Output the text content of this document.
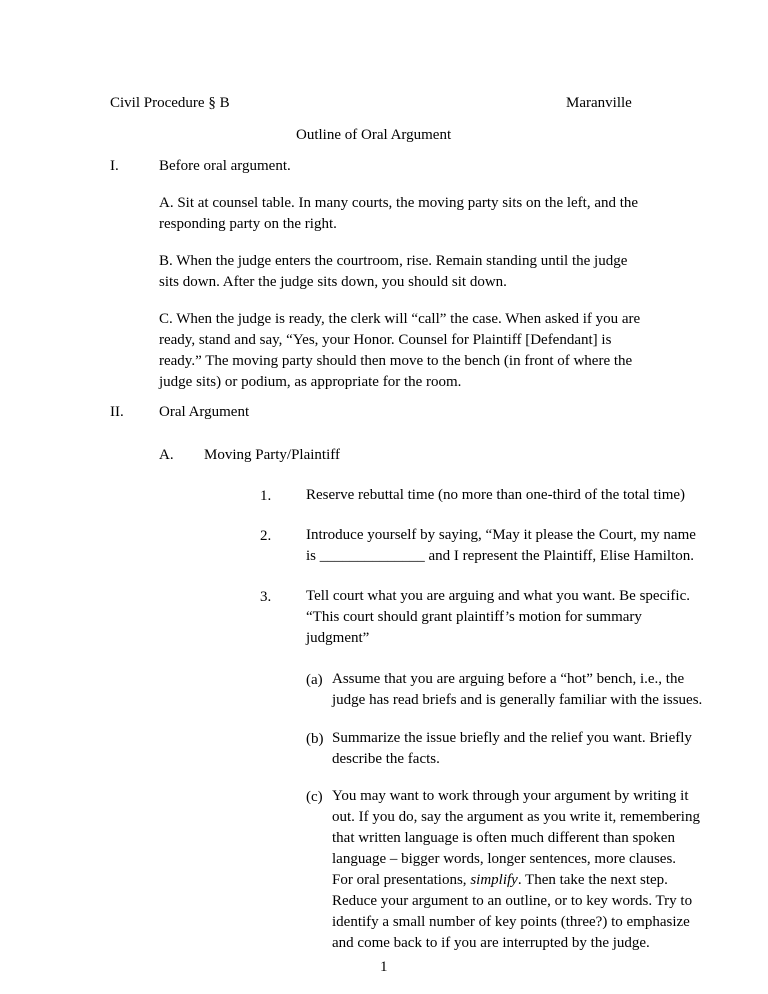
Civil Procedure § B	Maranville
Outline of Oral Argument
I.	Before oral argument.
A. Sit at counsel table. In many courts, the moving party sits on the left, and the
responding party on the right.
B. When the judge enters the courtroom, rise. Remain standing until the judge
sits down. After the judge sits down, you should sit down.
C. When the judge is ready, the clerk will “call” the case. When asked if you are
ready, stand and say, “Yes, your Honor. Counsel for Plaintiff [Defendant] is
ready.” The moving party should then move to the bench (in front of where the
judge sits) or podium, as appropriate for the room.
II. Oral Argument
A. Moving Party/Plaintiff
1. Reserve rebuttal time (no more than one-third of the total time)
2. Introduce yourself by saying, “May it please the Court, my name
is ______________ and I represent the Plaintiff, Elise Hamilton.
3. Tell court what you are arguing and what you want. Be specific.
“This court should grant plaintiff’s motion for summary
judgment”
(a) Assume that you are arguing before a “hot” bench, i.e., the
judge has read briefs and is generally familiar with the issues.
(b) Summarize the issue briefly and the relief you want. Briefly
describe the facts.
(c) You may want to work through your argument by writing it
out. If you do, say the argument as you write it, remembering
that written language is often much different than spoken
language – bigger words, longer sentences, more clauses.
For oral presentations, simplify. Then take the next step.
Reduce your argument to an outline, or to key words. Try to
identify a small number of key points (three?) to emphasize
and come back to if you are interrupted by the judge.
1
